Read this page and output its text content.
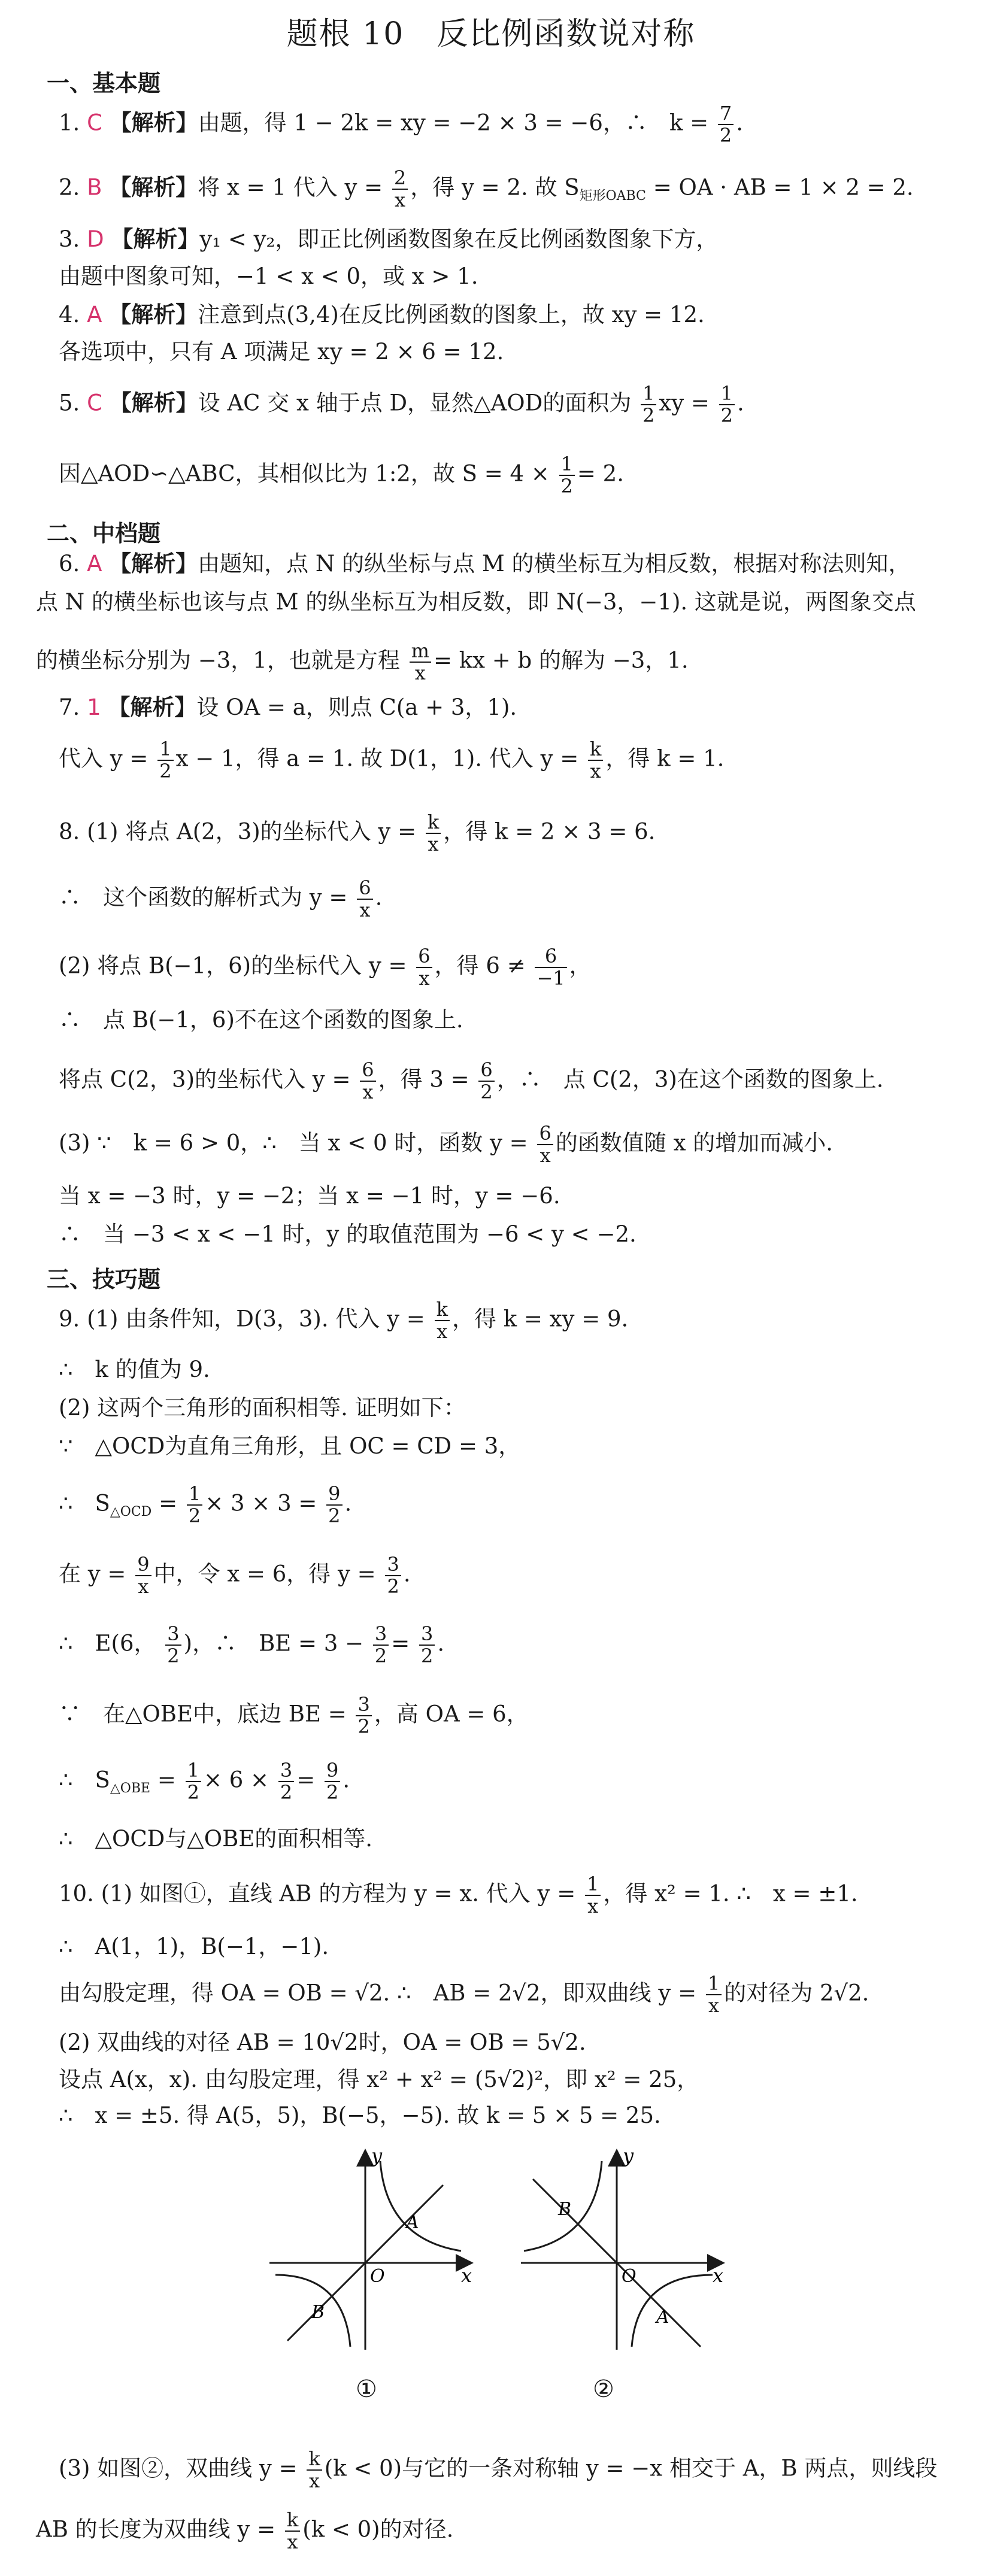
题根 10　反比例函数说对称
一、基本题
1. C 【解析】由题，得 1 − 2k = xy = −2 × 3 = −6，∴　$k = \frac{7}{2}$ .
2. B 【解析】将 x = 1 代入 $y = \frac{2}{x}$ ，得 y = 2. 故 $S_{矩形OABC}$ = OA · AB = 1 × 2 = 2.
3. D 【解析】y₁ < y₂，即正比例函数图象在反比例函数图象下方，
由题中图象可知，−1 < x < 0，或 x > 1.
4. A 【解析】注意到点(3,4)在反比例函数的图象上，故 xy = 12.
各选项中，只有 A 项满足 xy = 2 × 6 = 12.
5. C 【解析】设 AC 交 x 轴于点 D，显然△AOD的面积为 $\frac{1}{2}$ xy = $\frac{1}{2}$ .
因△AOD∽△ABC，其相似比为 1:2，故 $S = 4 \times \frac{1}{2} = 2$.
二、中档题
6. A 【解析】由题知，点 N 的纵坐标与点 M 的横坐标互为相反数，根据对称法则知，
点 N 的横坐标也该与点 M 的纵坐标互为相反数，即 N(−3，−1). 这就是说，两图象交点
的横坐标分别为 −3，1，也就是方程 $\frac{m}{x}$ = kx + b 的解为 −3，1.
7. 1 【解析】设 OA = a，则点 C(a + 3，1).
代入 $y = \frac{1}{2}$ x − 1，得 a = 1. 故 D(1，1). 代入 $y = \frac{k}{x}$ ，得 k = 1.
8. (1) 将点 A(2，3)的坐标代入 $y = \frac{k}{x}$ ，得 k = 2 × 3 = 6.
∴　这个函数的解析式为 $y = \frac{6}{x}$ .
(2) 将点 B(−1，6)的坐标代入 $y = \frac{6}{x}$ ，得 $6 \ne \frac{6}{-1}$ ，
∴　点 B(−1，6)不在这个函数的图象上.
将点 C(2，3)的坐标代入 $y = \frac{6}{x}$ ，得 $3 = \frac{6}{2}$ ，∴　点 C(2，3)在这个函数的图象上.
(3) ∵　k = 6 > 0，∴　当 x < 0 时，函数 $y = \frac{6}{x}$ 的函数值随 x 的增加而减小.
当 x = −3 时，y = −2；当 x = −1 时，y = −6.
∴　当 −3 < x < −1 时，y 的取值范围为 −6 < y < −2.
三、技巧题
9. (1) 由条件知，D(3，3). 代入 $y = \frac{k}{x}$ ，得 k = xy = 9.
∴　k 的值为 9.
(2) 这两个三角形的面积相等. 证明如下：
∵　△OCD为直角三角形，且 OC = CD = 3，
∴　$S_{\triangle OCD} = \frac{1}{2} \times 3 \times 3 = \frac{9}{2}$ .
在 $y = \frac{9}{x}$ 中，令 x = 6，得 $y = \frac{3}{2}$ .
∴　E(6， $\frac{3}{2}$ )，∴　BE = $3 - \frac{3}{2} = \frac{3}{2}$ .
∵　在△OBE中，底边 BE = $\frac{3}{2}$ ，高 OA = 6，
∴　$S_{\triangle OBE} = \frac{1}{2} \times 6 \times \frac{3}{2} = \frac{9}{2}$ .
∴　△OCD与△OBE的面积相等.
10. (1) 如图①，直线 AB 的方程为 y = x. 代入 $y = \frac{1}{x}$ ，得 x² = 1. ∴　x = ±1.
∴　A(1，1)，B(−1，−1).
由勾股定理，得 OA = OB = √2. ∴　AB = 2√2，即双曲线 $y = \frac{1}{x}$ 的对径为 2√2.
(2) 双曲线的对径 AB = 10√2时，OA = OB = 5√2.
设点 A(x，x). 由勾股定理，得 x² + x² = (5√2)²，即 x² = 25，
∴　x = ±5. 得 A(5，5)，B(−5，−5). 故 k = 5 × 5 = 25.
y
x
O
A
B
①
y
x
O
A
B
②
(3) 如图②，双曲线 $y = \frac{k}{x} (k < 0)$与它的一条对称轴 y = −x 相交于 A，B 两点，则线段
AB 的长度为双曲线 $y = \frac{k}{x} (k < 0)$的对径.
